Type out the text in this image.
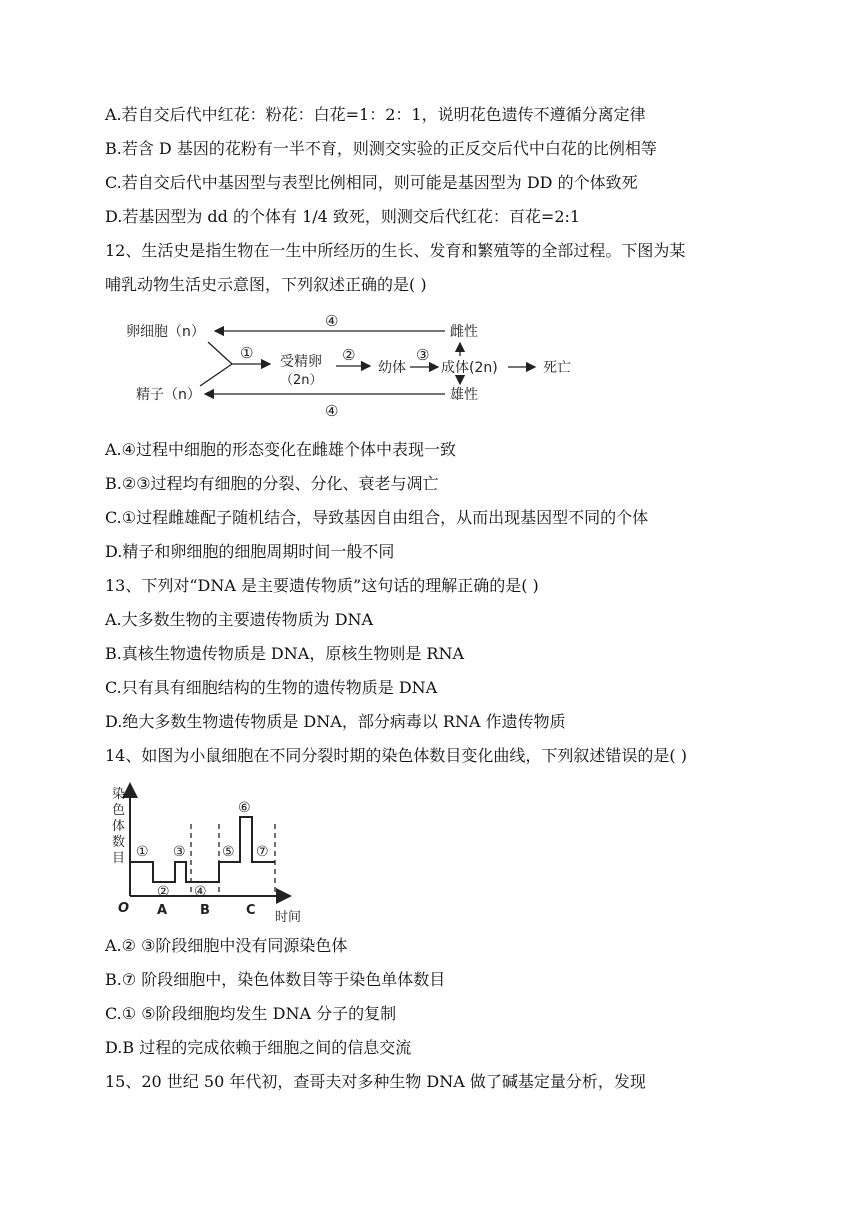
A.若自交后代中红花：粉花：白花=1：2：1，说明花色遗传不遵循分离定律
B.若含 D 基因的花粉有一半不育，则测交实验的正反交后代中白花的比例相等
C.若自交后代中基因型与表型比例相同，则可能是基因型为 DD 的个体致死
D.若基因型为 dd 的个体有 1/4 致死，则测交后代红花：百花=2:1
12、生活史是指生物在一生中所经历的生长、发育和繁殖等的全部过程。下图为某
哺乳动物生活史示意图，下列叙述正确的是( )
④
④
卵细胞（n）
精子（n）
① 受精卵
（2n）
②
幼体
③
成体(2n)	死亡
雌性
雄性
A.④过程中细胞的形态变化在雌雄个体中表现一致
B.②③过程均有细胞的分裂、分化、衰老与凋亡
C.①过程雌雄配子随机结合，导致基因自由组合，从而出现基因型不同的个体
D.精子和卵细胞的细胞周期时间一般不同
13、下列对“DNA 是主要遗传物质”这句话的理解正确的是( )
A.大多数生物的主要遗传物质为 DNA
B.真核生物遗传物质是 DNA，原核生物则是 RNA
C.只有具有细胞结构的生物的遗传物质是 DNA
D.绝大多数生物遗传物质是 DNA，部分病毒以 RNA 作遗传物质
14、如图为小鼠细胞在不同分裂时期的染色体数目变化曲线，下列叙述错误的是( )
染
色
体
数
目
O
时间
①
②
③
④
⑤
⑥
⑦
A	B	C
A.② ③阶段细胞中没有同源染色体
B.⑦ 阶段细胞中，染色体数目等于染色单体数目
C.① ⑤阶段细胞均发生 DNA 分子的复制
D.B 过程的完成依赖于细胞之间的信息交流
15、20 世纪 50 年代初，查哥夫对多种生物 DNA 做了碱基定量分析，发现
